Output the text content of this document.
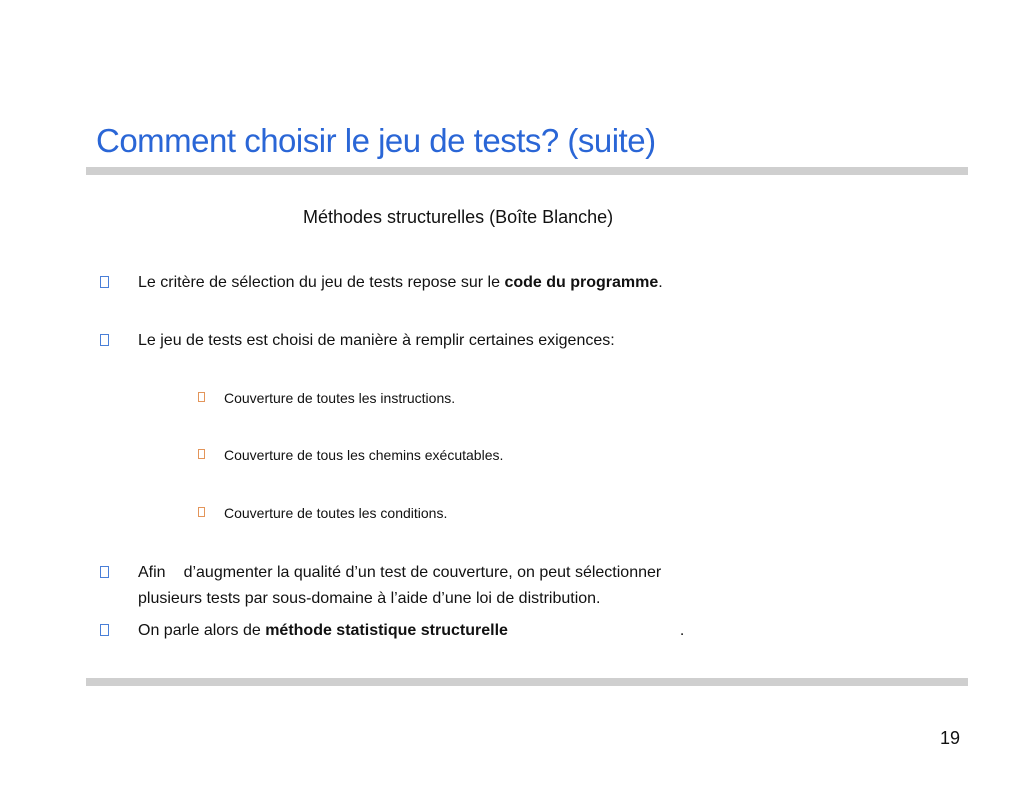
Comment choisir le jeu de tests? (suite)
Méthodes structurelles (Boîte Blanche)
Le critère de sélection du jeu de tests repose sur le code du programme.
Le jeu de tests est choisi de manière à remplir certaines exigences:
Couverture de toutes les instructions.
Couverture de tous les chemins exécutables.
Couverture de toutes les conditions.
Afin d’augmenter la qualité d’un test de couverture, on peut sélectionner
plusieurs tests par sous-domaine à l’aide d’une loi de distribution.
On parle alors de méthode statistique structurelle	.
19
